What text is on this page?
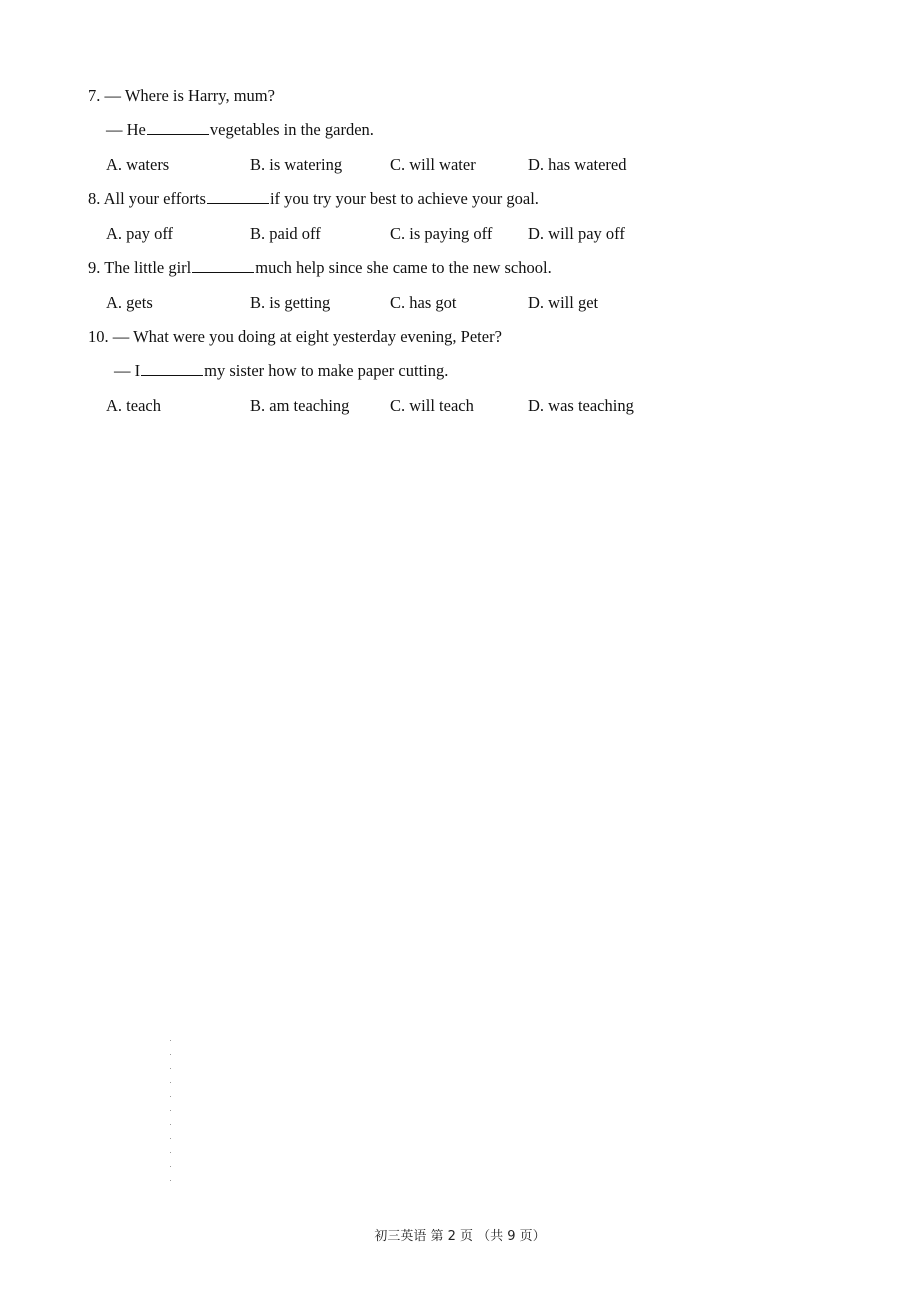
7. — Where is Harry, mum?
— He	vegetables in the garden.
A. waters	B. is watering	C. will water	D. has watered
8. All your efforts	if you try your best to achieve your goal.
A. pay off	B. paid off	C. is paying off D. will pay off
9. The little girl	much help since she came to the new school.
A. gets	B. is getting	C. has got	D. will get
10. — What were you doing at eight yesterday evening, Peter?
— I	my sister how to make paper cutting.
A. teach	B. am teaching C. will teach	D. was teaching
初三英语 第 2 页 （共 9 页）
